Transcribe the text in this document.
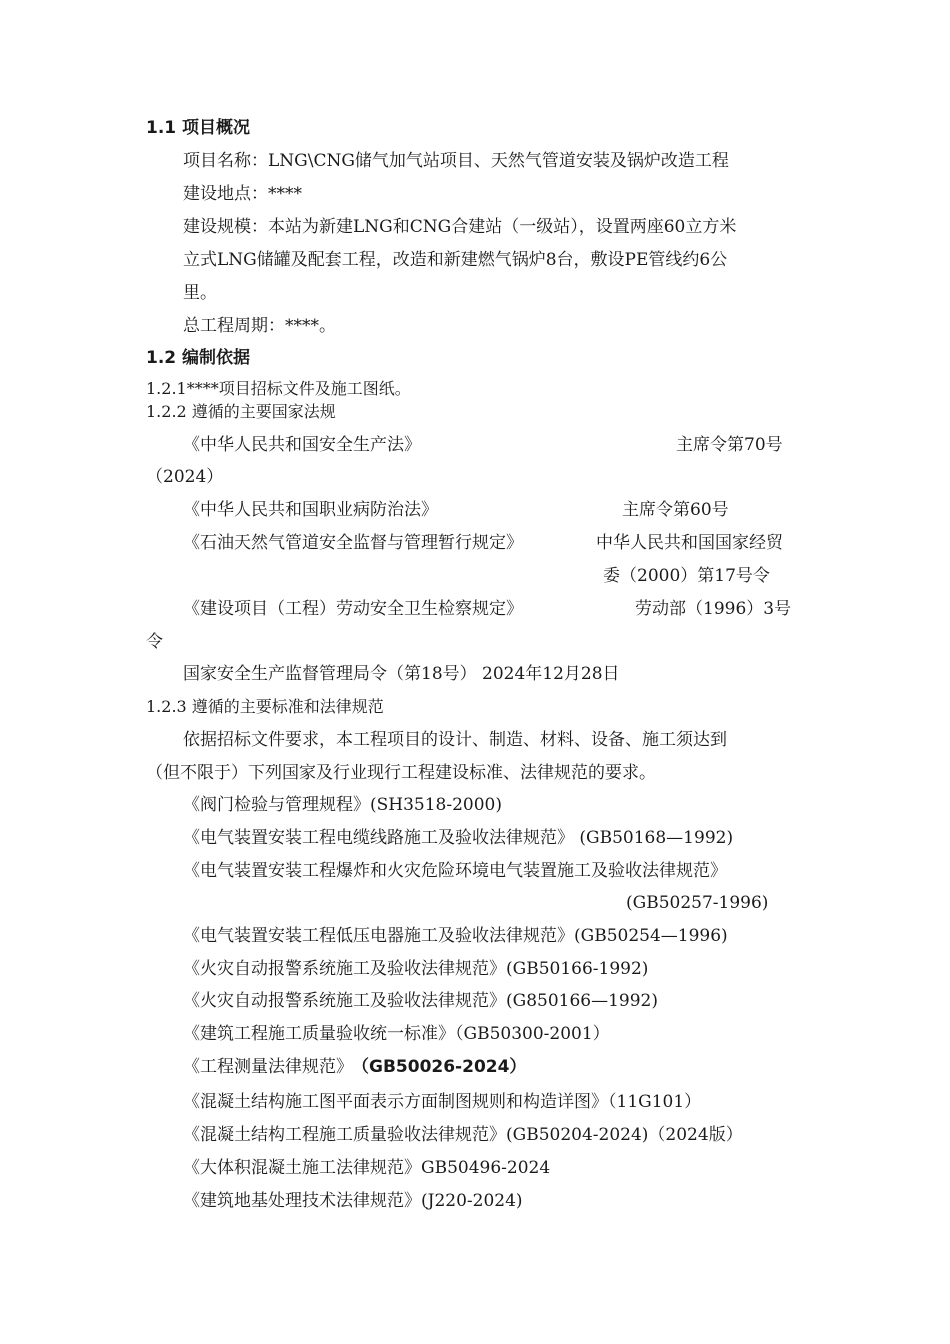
1.1 项目概况
项目名称：LNG\CNG储气加气站项目、天然气管道安装及锅炉改造工程
建设地点：****
建设规模：本站为新建LNG和CNG合建站（一级站），设置两座60立方米
立式LNG储罐及配套工程，改造和新建燃气锅炉8台，敷设PE管线约6公
里。
总工程周期：****。
1.2 编制依据
1.2.1****项目招标文件及施工图纸。
1.2.2 遵循的主要国家法规
《中华人民共和国安全生产法》	主席令第70号
（2024）
《中华人民共和国职业病防治法》	主席令第60号
《石油天然气管道安全监督与管理暂行规定》	中华人民共和国国家经贸
委（2000）第17号令
《建设项目（工程）劳动安全卫生检察规定》	劳动部（1996）3号
令
国家安全生产监督管理局令（第18号） 2024年12月28日
1.2.3 遵循的主要标准和法律规范
依据招标文件要求，本工程项目的设计、制造、材料、设备、施工须达到
（但不限于）下列国家及行业现行工程建设标准、法律规范的要求。
《阀门检验与管理规程》(SH3518-2000)
《电气装置安装工程电缆线路施工及验收法律规范》 (GB50168—1992)
《电气装置安装工程爆炸和火灾危险环境电气装置施工及验收法律规范》
(GB50257-1996)
《电气装置安装工程低压电器施工及验收法律规范》(GB50254—1996)
《火灾自动报警系统施工及验收法律规范》(GB50166-1992)
《火灾自动报警系统施工及验收法律规范》(G850166—1992)
《建筑工程施工质量验收统一标准》（GB50300-2001）
《工程测量法律规范》 （GB50026-2024）
《混凝土结构施工图平面表示方面制图规则和构造详图》（11G101）
《混凝土结构工程施工质量验收法律规范》(GB50204-2024)（2024版）
《大体积混凝土施工法律规范》GB50496-2024
《建筑地基处理技术法律规范》(J220-2024)
